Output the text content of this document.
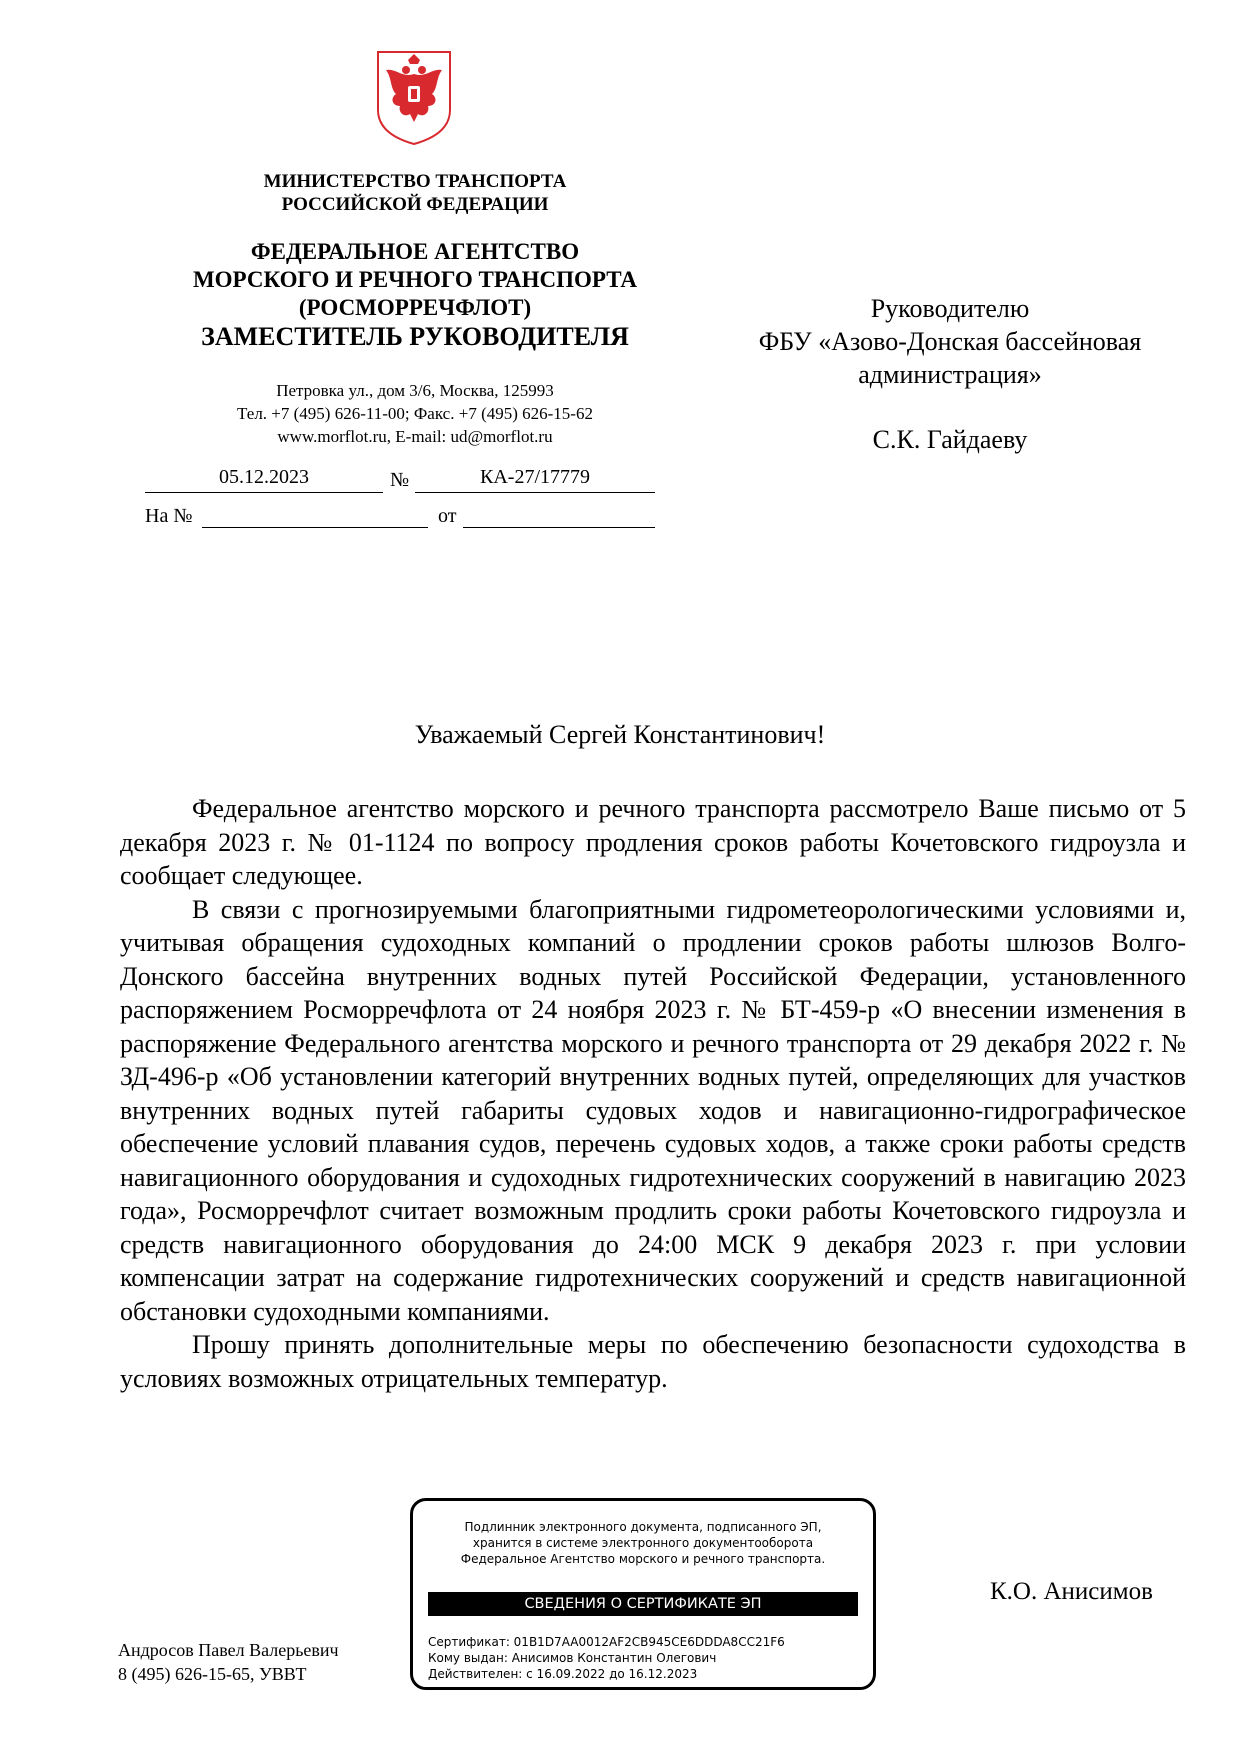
МИНИСТЕРСТВО ТРАНСПОРТА
РОССИЙСКОЙ ФЕДЕРАЦИИ
ФЕДЕРАЛЬНОЕ АГЕНТСТВО
МОРСКОГО И РЕЧНОГО ТРАНСПОРТА
(РОСМОРРЕЧФЛОТ)
ЗАМЕСТИТЕЛЬ РУКОВОДИТЕЛЯ
Петровка ул., дом 3/6, Москва, 125993
Тел. +7 (495) 626-11-00; Факс. +7 (495) 626-15-62
www.morflot.ru, E-mail: ud@morflot.ru
05.12.2023	№	КА-27/17779
На №	от
Руководителю
ФБУ «Азово-Донская бассейновая
администрация»
С.К. Гайдаеву
Уважаемый Сергей Константинович!

Федеральное агентство морского и речного транспорта рассмотрело Ваше письмо от 5 декабря 2023 г. № 01-1124 по вопросу продления сроков работы Кочетовского гидроузла и сообщает следующее.

В связи с прогнозируемыми благоприятными гидрометеорологическими условиями и, учитывая обращения судоходных компаний о продлении сроков работы шлюзов Волго-Донского бассейна внутренних водных путей Российской Федерации, установленного распоряжением Росморречфлота от 24 ноября 2023 г. № БТ-459-р «О внесении изменения в распоряжение Федерального агентства морского и речного транспорта от 29 декабря 2022 г. № ЗД-496-р «Об установлении категорий внутренних водных путей, определяющих для участков внутренних водных путей габариты судовых ходов и навигационно-гидрографическое обеспечение условий плавания судов, перечень судовых ходов, а также сроки работы средств навигационного оборудования и судоходных гидротехнических сооружений в навигацию 2023 года», Росморречфлот считает возможным продлить сроки работы Кочетовского гидроузла и средств навигационного оборудования до 24:00 МСК 9 декабря 2023 г. при условии компенсации затрат на содержание гидротехнических сооружений и средств навигационной обстановки судоходными компаниями.

Прошу принять дополнительные меры по обеспечению безопасности судоходства в условиях возможных отрицательных температур.

Подлинник электронного документа, подписанного ЭП,
хранится в системе электронного документооборота
Федеральное Агентство морского и речного транспорта.
СВЕДЕНИЯ О СЕРТИФИКАТЕ ЭП
Сертификат: 01B1D7AA0012AF2CB945CE6DDDA8CC21F6
Кому выдан: Анисимов Константин Олегович
Действителен: с 16.09.2022 до 16.12.2023
К.О. Анисимов
Андросов Павел Валерьевич
8 (495) 626-15-65, УВВТ
